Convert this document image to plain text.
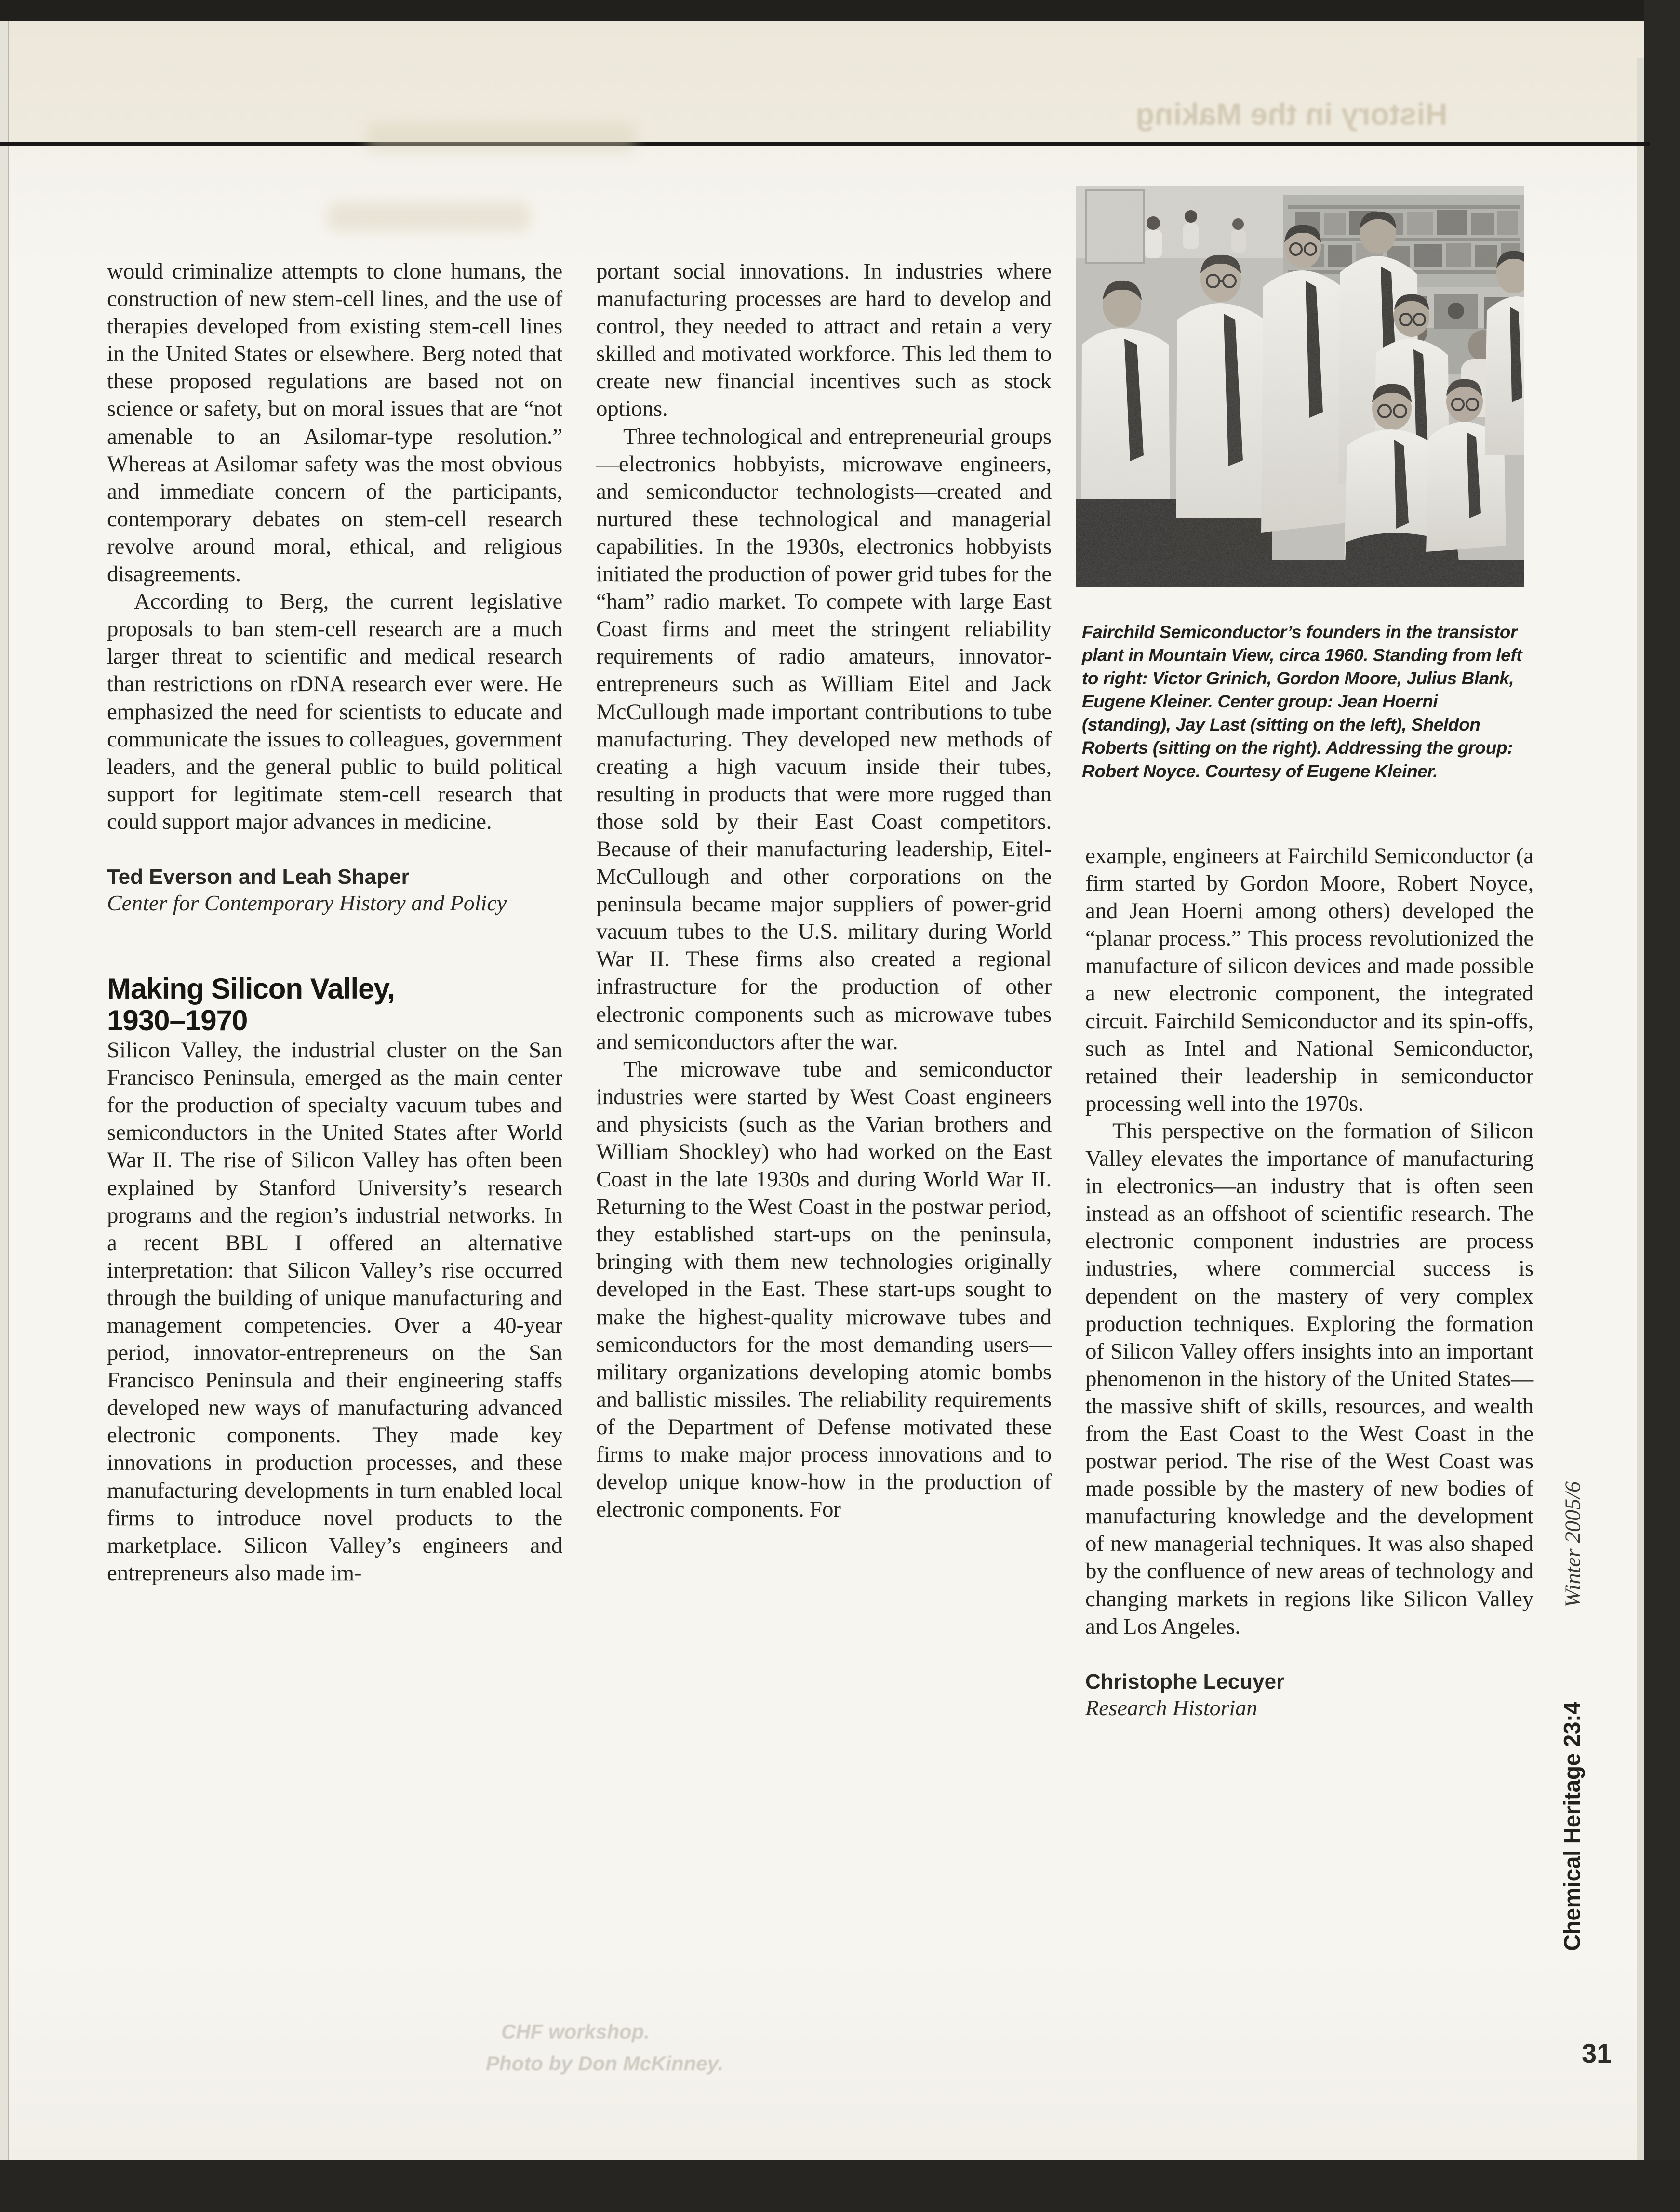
History in the Making
CHF workshop.
Photo by Don McKinney.

would criminalize attempts to clone humans, the construction of new stem-cell lines, and the use of therapies developed from existing stem-cell lines in the United States or elsewhere. Berg noted that these proposed regulations are based not on science or safety, but on moral issues that are “not amenable to an Asilomar-type resolution.” Whereas at Asilomar safety was the most obvious and immediate concern of the participants, contemporary debates on stem-cell research revolve around moral, ethical, and religious disagreements.

According to Berg, the current legislative proposals to ban stem-cell research are a much larger threat to scientific and medical research than restrictions on rDNA research ever were. He emphasized the need for scientists to educate and communicate the issues to colleagues, government leaders, and the general public to build political support for legitimate stem-cell research that could support major advances in medicine.

Ted Everson and Leah Shaper
Center for Contemporary History and Policy
Making Silicon Valley,
1930–1970

Silicon Valley, the industrial cluster on the San Francisco Peninsula, emerged as the main center for the production of specialty vacuum tubes and semiconductors in the United States after World War II. The rise of Silicon Valley has often been explained by Stanford University’s research programs and the region’s industrial networks. In a recent BBL I offered an alternative interpretation: that Silicon Valley’s rise occurred through the building of unique manufacturing and management competencies. Over a 40-year period, innovator-entrepreneurs on the San Francisco Peninsula and their engineering staffs developed new ways of manufacturing advanced electronic components. They made key innovations in production processes, and these manufacturing developments in turn enabled local firms to introduce novel products to the marketplace. Silicon Valley’s engineers and entrepreneurs also made im-

portant social innovations. In industries where manufacturing processes are hard to develop and control, they needed to attract and retain a very skilled and motivated workforce. This led them to create new financial incentives such as stock options.

Three technological and entrepreneurial groups—electronics hobbyists, microwave engineers, and semiconductor technologists—created and nurtured these technological and managerial capabilities. In the 1930s, electronics hobbyists initiated the production of power grid tubes for the “ham” radio market. To compete with large East Coast firms and meet the stringent reliability requirements of radio amateurs, innovator-entrepreneurs such as William Eitel and Jack McCullough made important contributions to tube manufacturing. They developed new methods of creating a high vacuum inside their tubes, resulting in products that were more rugged than those sold by their East Coast competitors. Because of their manufacturing leadership, Eitel-McCullough and other corporations on the peninsula became major suppliers of power-grid vacuum tubes to the U.S. military during World War II. These firms also created a regional infrastructure for the production of other electronic components such as microwave tubes and semiconductors after the war.

The microwave tube and semiconductor industries were started by West Coast engineers and physicists (such as the Varian brothers and William Shockley) who had worked on the East Coast in the late 1930s and during World War II. Returning to the West Coast in the postwar period, they established start-ups on the peninsula, bringing with them new technologies originally developed in the East. These start-ups sought to make the highest-quality microwave tubes and semiconductors for the most demanding users—military organizations developing atomic bombs and ballistic missiles. The reliability requirements of the Department of Defense motivated these firms to make major process innovations and to develop unique know-how in the production of electronic components. For

Fairchild Semiconductor’s founders in the transistor plant in Mountain View, circa 1960. Standing from left to right: Victor Grinich, Gordon Moore, Julius Blank, Eugene Kleiner. Center group: Jean Hoerni (standing), Jay Last (sitting on the left), Sheldon Roberts (sitting on the right). Addressing the group: Robert Noyce. Courtesy of Eugene Kleiner.

example, engineers at Fairchild Semiconductor (a firm started by Gordon Moore, Robert Noyce, and Jean Hoerni among others) developed the “planar process.” This process revolutionized the manufacture of silicon devices and made possible a new electronic component, the integrated circuit. Fairchild Semiconductor and its spin-offs, such as Intel and National Semiconductor, retained their leadership in semiconductor processing well into the 1970s.

This perspective on the formation of Silicon Valley elevates the importance of manufacturing in electronics—an industry that is often seen instead as an offshoot of scientific research. The electronic component industries are process industries, where commercial success is dependent on the mastery of very complex production techniques. Exploring the formation of Silicon Valley offers insights into an important phenomenon in the history of the United States—the massive shift of skills, resources, and wealth from the East Coast to the West Coast in the postwar period. The rise of the West Coast was made possible by the mastery of new bodies of manufacturing knowledge and the development of new managerial techniques. It was also shaped by the confluence of new areas of technology and changing markets in regions like Silicon Valley and Los Angeles.

Christophe Lecuyer
Research Historian
Winter 2005/6
Chemical Heritage 23:4
31
